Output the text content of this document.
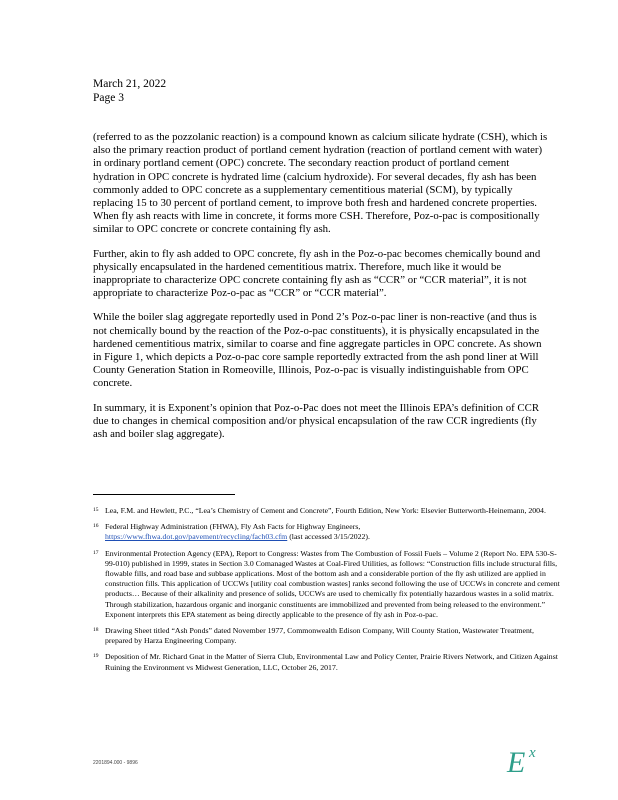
March 21, 2022
Page 3

(referred to as the pozzolanic reaction) is a compound known as calcium silicate hydrate (CSH), which is also the primary reaction product of portland cement hydration (reaction of portland cement with water) in ordinary portland cement (OPC) concrete. The secondary reaction product of portland cement hydration in OPC concrete is hydrated lime (calcium hydroxide). For several decades, fly ash has been commonly added to OPC concrete as a supplementary cementitious material (SCM), by typically replacing 15 to 30 percent of portland cement, to improve both fresh and hardened concrete properties. When fly ash reacts with lime in concrete, it forms more CSH. Therefore, Poz-o-pac is compositionally similar to OPC concrete or concrete containing fly ash.

Further, akin to fly ash added to OPC concrete, fly ash in the Poz-o-pac becomes chemically bound and physically encapsulated in the hardened cementitious matrix. Therefore, much like it would be inappropriate to characterize OPC concrete containing fly ash as “CCR” or “CCR material”, it is not appropriate to characterize Poz-o-pac as “CCR” or “CCR material”.

While the boiler slag aggregate reportedly used in Pond 2’s Poz-o-pac liner is non-reactive (and thus is not chemically bound by the reaction of the Poz-o-pac constituents), it is physically encapsulated in the hardened cementitious matrix, similar to coarse and fine aggregate particles in OPC concrete. As shown in Figure 1, which depicts a Poz-o-pac core sample reportedly extracted from the ash pond liner at Will County Generation Station in Romeoville, Illinois, Poz-o-pac is visually indistinguishable from OPC concrete.

In summary, it is Exponent’s opinion that Poz-o-Pac does not meet the Illinois EPA’s definition of CCR due to changes in chemical composition and/or physical encapsulation of the raw CCR ingredients (fly ash and boiler slag aggregate).

15 Lea, F.M. and Hewlett, P.C., “Lea’s Chemistry of Cement and Concrete”, Fourth Edition, New York: Elsevier Butterworth-Heinemann, 2004.
16 Federal Highway Administration (FHWA), Fly Ash Facts for Highway Engineers,
https://www.fhwa.dot.gov/pavement/recycling/fach03.cfm (last accessed 3/15/2022).
17 Environmental Protection Agency (EPA), Report to Congress: Wastes from The Combustion of Fossil Fuels – Volume 2 (Report No. EPA 530-S-99-010) published in 1999, states in Section 3.0 Comanaged Wastes at Coal-Fired Utilities, as follows: “Construction fills include structural fills, flowable fills, and road base and subbase applications. Most of the bottom ash and a considerable portion of the fly ash utilized are applied in construction fills. This application of UCCWs [utility coal combustion wastes] ranks second following the use of UCCWs in concrete and cement products… Because of their alkalinity and presence of solids, UCCWs are used to chemically fix potentially hazardous wastes in a solid matrix. Through stabilization, hazardous organic and inorganic constituents are immobilized and prevented from being released to the environment.” Exponent interprets this EPA statement as being directly applicable to the presence of fly ash in Poz-o-pac.
18 Drawing Sheet titled “Ash Ponds” dated November 1977, Commonwealth Edison Company, Will County Station, Wastewater Treatment, prepared by Harza Engineering Company.
19 Deposition of Mr. Richard Gnat in the Matter of Sierra Club, Environmental Law and Policy Center, Prairie Rivers Network, and Citizen Against Ruining the Environment vs Midwest Generation, LLC, October 26, 2017.
2201894.000 - 9896	E x
